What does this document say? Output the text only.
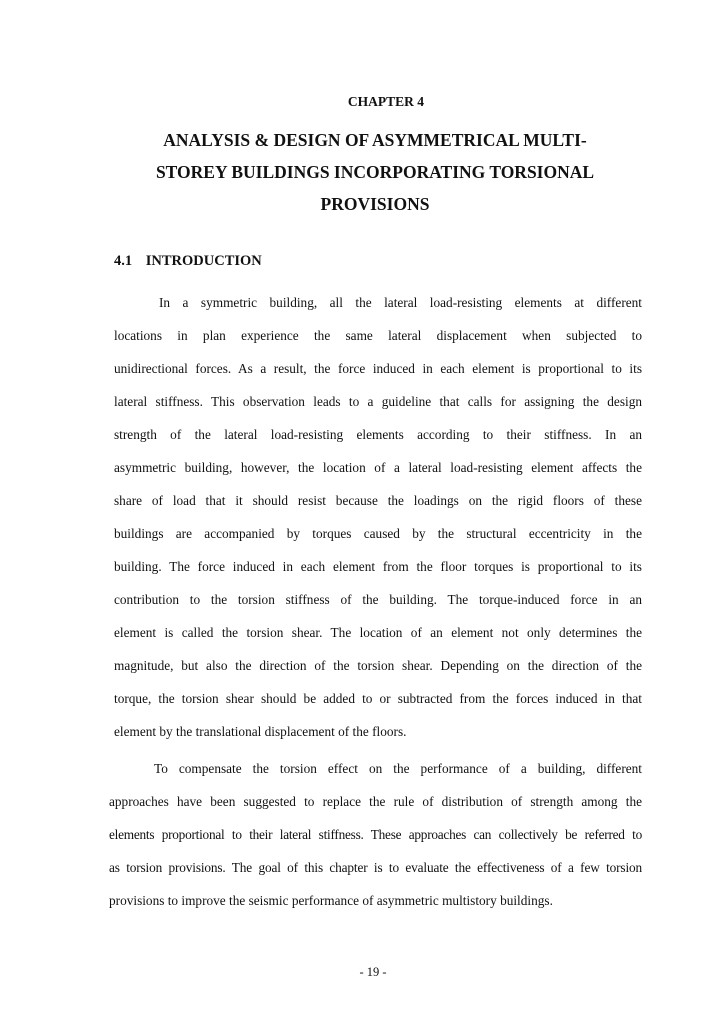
CHAPTER 4
ANALYSIS & DESIGN OF ASYMMETRICAL MULTI-
STOREY BUILDINGS INCORPORATING TORSIONAL
PROVISIONS
4.1 INTRODUCTION

In a symmetric building, all the lateral load-resisting elements at different
locations in plan experience the same lateral displacement when subjected to
unidirectional forces. As a result, the force induced in each element is proportional to its
lateral stiffness. This observation leads to a guideline that calls for assigning the design
strength of the lateral load-resisting elements according to their stiffness. In an
asymmetric building, however, the location of a lateral load-resisting element affects the
share of load that it should resist because the loadings on the rigid floors of these
buildings are accompanied by torques caused by the structural eccentricity in the
building. The force induced in each element from the floor torques is proportional to its
contribution to the torsion stiffness of the building. The torque-induced force in an
element is called the torsion shear. The location of an element not only determines the
magnitude, but also the direction of the torsion shear. Depending on the direction of the
torque, the torsion shear should be added to or subtracted from the forces induced in that
element by the translational displacement of the floors.

To compensate the torsion effect on the performance of a building, different
approaches have been suggested to replace the rule of distribution of strength among the
elements proportional to their lateral stiffness. These approaches can collectively be referred to
as torsion provisions. The goal of this chapter is to evaluate the effectiveness of a few torsion
provisions to improve the seismic performance of asymmetric multistory buildings.

- 19 -
